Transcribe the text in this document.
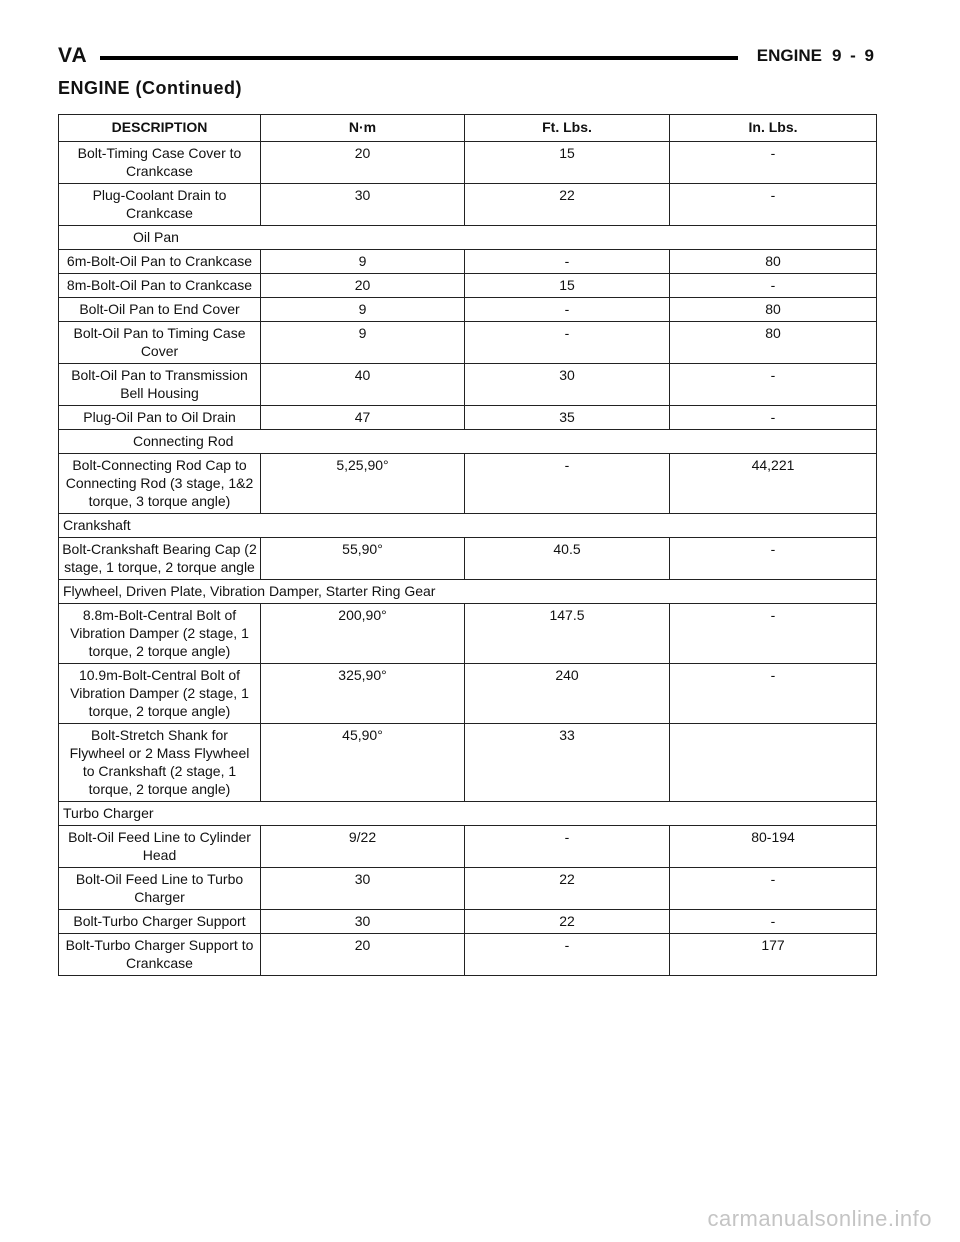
VA	ENGINE 9 - 9
ENGINE (Continued)
DESCRIPTION	N·m	Ft. Lbs.	In. Lbs.
Bolt-Timing Case Cover to Crankcase	20	15	-
Plug-Coolant Drain to Crankcase	30	22	-
Oil Pan			
6m-Bolt-Oil Pan to Crankcase	9	-	80
8m-Bolt-Oil Pan to Crankcase	20	15	-
Bolt-Oil Pan to End Cover	9	-	80
Bolt-Oil Pan to Timing Case Cover	9	-	80
Bolt-Oil Pan to Transmission Bell Housing	40	30	-
Plug-Oil Pan to Oil Drain	47	35	-
Connecting Rod			
Bolt-Connecting Rod Cap to Connecting Rod (3 stage, 1&2 torque, 3 torque angle)	5,25,90°	-	44,221
Crankshaft			
Bolt-Crankshaft Bearing Cap (2 stage, 1 torque, 2 torque angle	55,90°	40.5	-
Flywheel, Driven Plate, Vibration Damper, Starter Ring Gear			
8.8m-Bolt-Central Bolt of Vibration Damper (2 stage, 1 torque, 2 torque angle)	200,90°	147.5	-
10.9m-Bolt-Central Bolt of Vibration Damper (2 stage, 1 torque, 2 torque angle)	325,90°	240	-
Bolt-Stretch Shank for Flywheel or 2 Mass Flywheel to Crankshaft (2 stage, 1 torque, 2 torque angle)	45,90°	33	
Turbo Charger			
Bolt-Oil Feed Line to Cylinder Head	9/22	-	80-194
Bolt-Oil Feed Line to Turbo Charger	30	22	-
Bolt-Turbo Charger Support	30	22	-
Bolt-Turbo Charger Support to Crankcase	20	-	177
carmanualsonline.info
